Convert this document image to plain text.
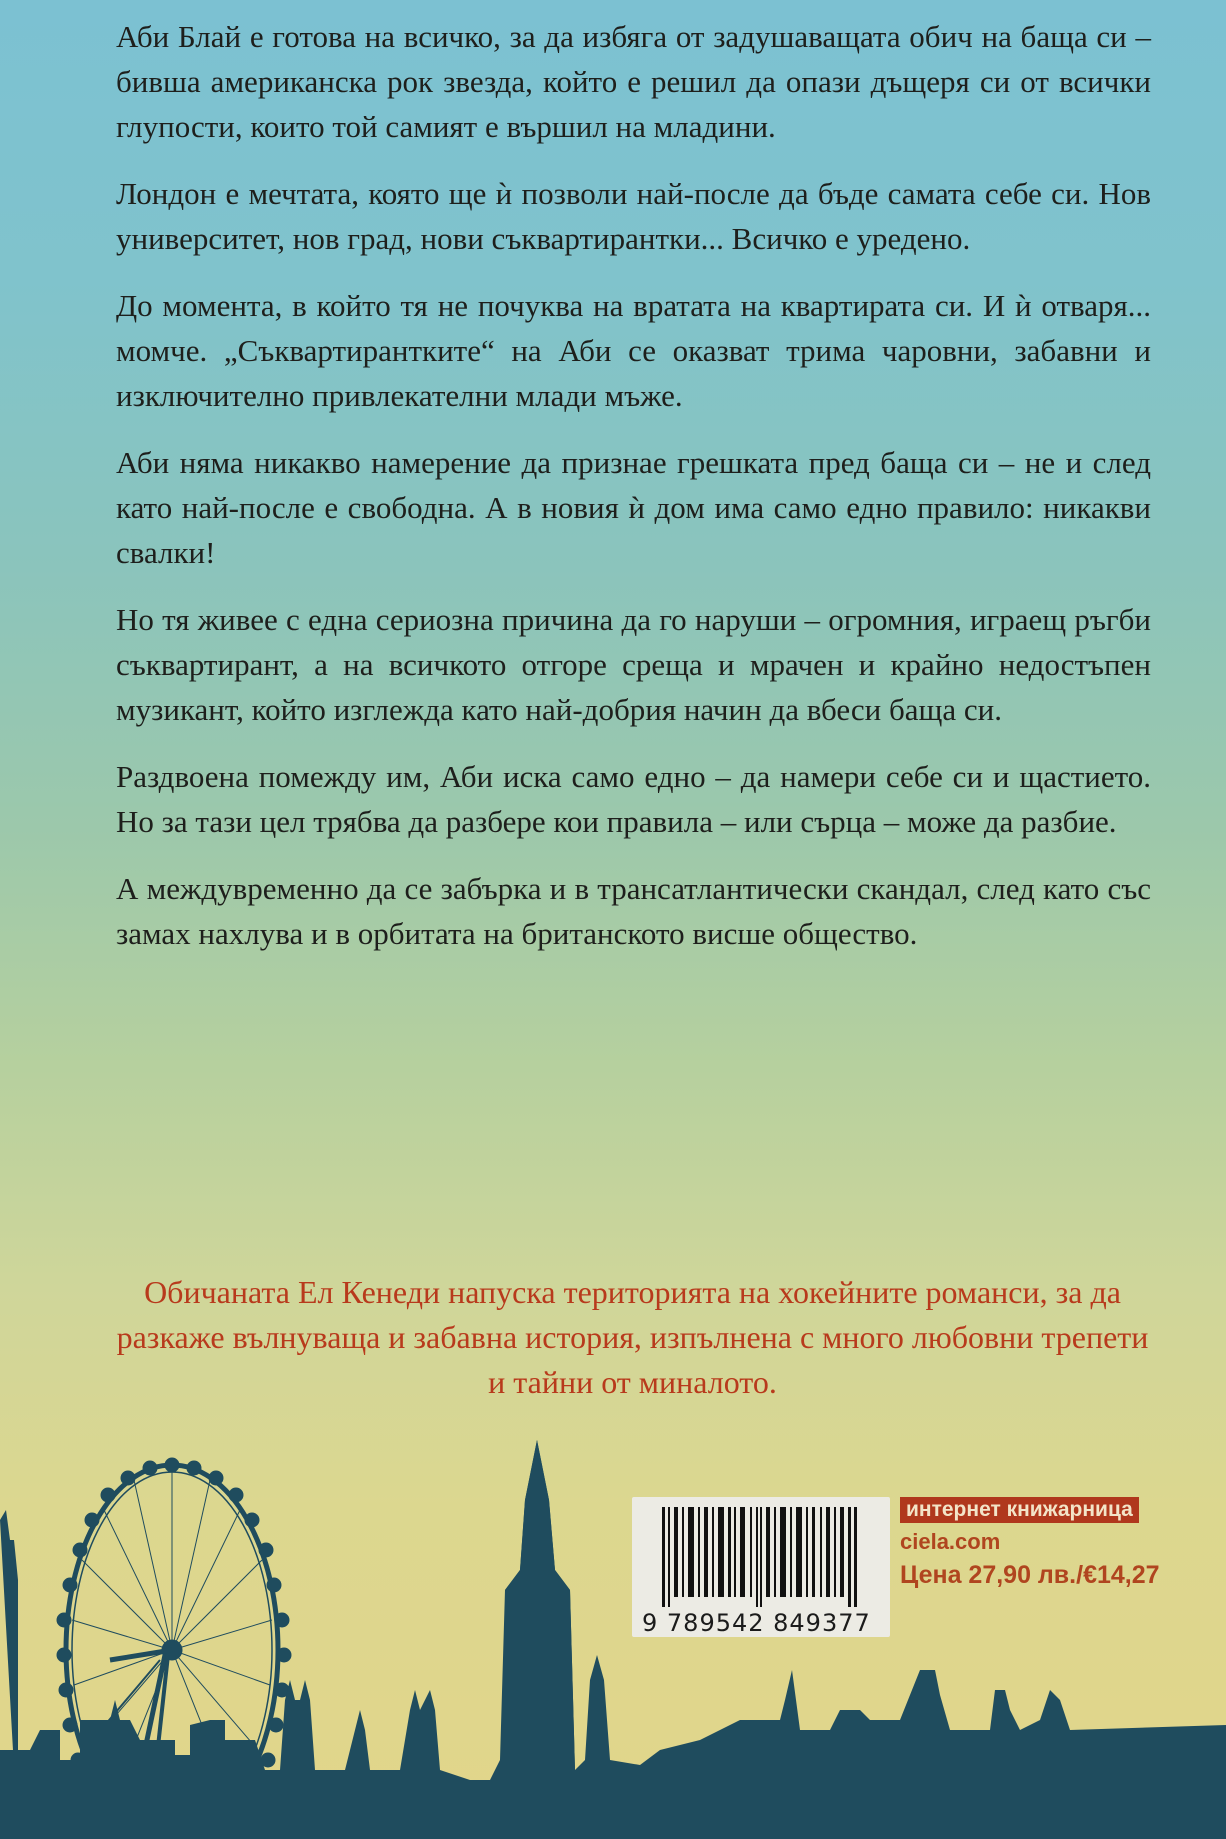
Аби Блай е готова на всичко, за да избяга от задушаващата обич на баща си – бивша американска рок звезда, който е решил да опази дъщеря си от всички глупости, които той самият е вършил на младини.

Лондон е мечтата, която ще ѝ позволи най-после да бъде самата себе си. Нов университет, нов град, нови съквартирантки... Всичко е уредено.

До момента, в който тя не почуква на вратата на квартирата си. И ѝ отваря... момче. „Съквартирантките“ на Аби се оказват трима чаровни, забавни и изключително привлекателни млади мъже.

Аби няма никакво намерение да признае грешката пред баща си – не и след като най-после е свободна. А в новия ѝ дом има само едно правило: никакви свалки!

Но тя живее с една сериозна причина да го наруши – огромния, играещ ръгби съквартирант, а на всичкото отгоре среща и мрачен и крайно недостъпен музикант, който изглежда като най-добрия начин да вбеси баща си.

Раздвоена помежду им, Аби иска само едно – да намери себе си и щастието. Но за тази цел трябва да разбере кои правила – или сърца – може да разбие.

А междувременно да се забърка и в трансатлантически скандал, след като със замах нахлува и в орбитата на британското висше общество.

Обичаната Ел Кенеди напуска територията на хокейните романси, за да разкаже вълнуваща и забавна история, изпълнена с много любовни трепети и тайни от миналото.
9 789542 849377
интернет книжарница
ciela.com
Цена 27,90 лв./€14,27
